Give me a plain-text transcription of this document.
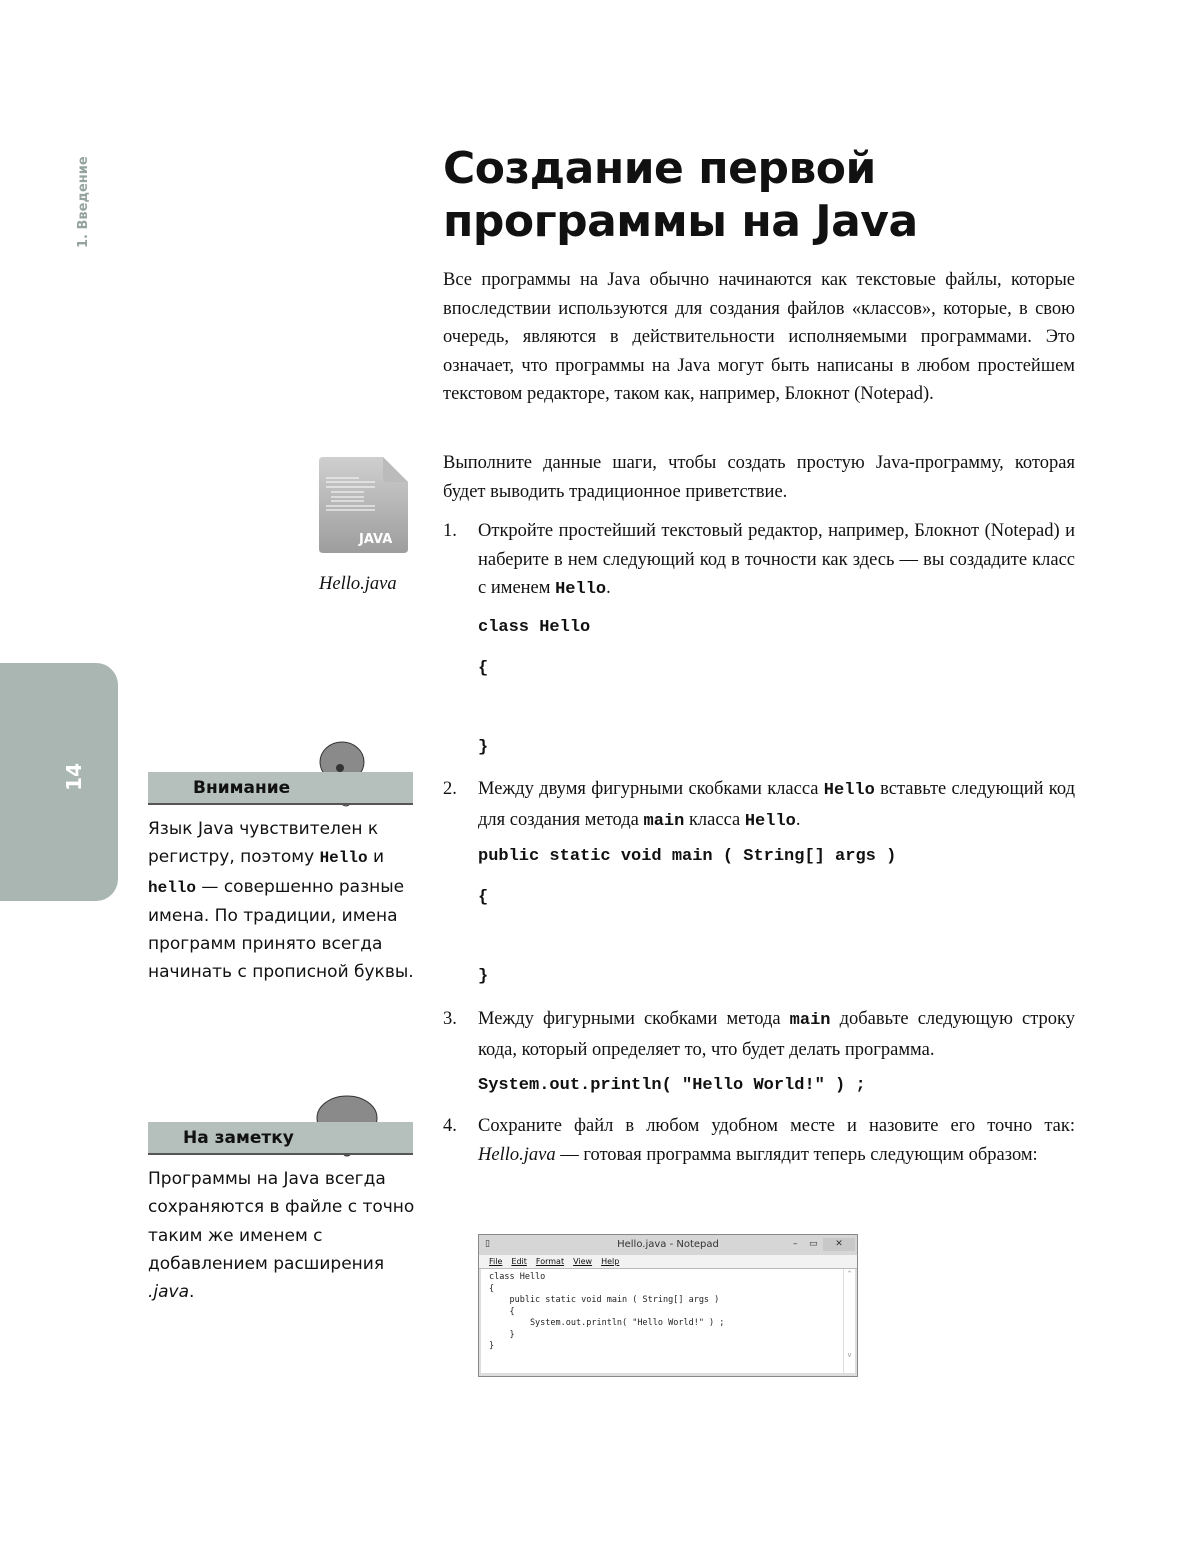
1. Введение
14
Создание первой программы на Java

Все программы на Java обычно начинаются как текстовые файлы, которые впоследствии используются для создания файлов «классов», которые, в свою очередь, являются в действительности исполняемыми программами. Это означает, что программы на Java могут быть написаны в любом простейшем текстовом редакторе, таком как, например, Блокнот (Notepad).

Выполните данные шаги, чтобы создать простую Java-программу, которая будет выводить традиционное приветствие.

JAVA
Hello.java
1. Откройте простейший текстовый редактор, например, Блокнот (Notepad) и наберите в нем следующий код в точности как здесь — вы создадите класс с именем Hello.
class Hello
{
}
2. Между двумя фигурными скобками класса Hello вставьте следующий код для создания метода main класса Hello.
public static void main ( String[] args )
{
}
3. Между фигурными скобками метода main добавьте следующую строку кода, который определяет то, что будет делать программа.
System.out.println( "Hello World!" ) ;
4. Сохраните файл в любом удобном месте и назовите его точно так: Hello.java — готовая программа выглядит теперь следующим образом:
Внимание
Язык Java чувствителен к регистру, поэтому Hello и hello — совершенно разные имена. По традиции, имена программ принято всегда начинать с прописной буквы.
На заметку
Программы на Java всегда сохраняются в файле с точно таким же именем с добавлением расширения .java.
▯	Hello.java - Notepad	– ▭	✕
File Edit Format View Help
class Hello
{
public static void main ( String[] args )
{
System.out.println( "Hello World!" ) ;
}
}
^

v
